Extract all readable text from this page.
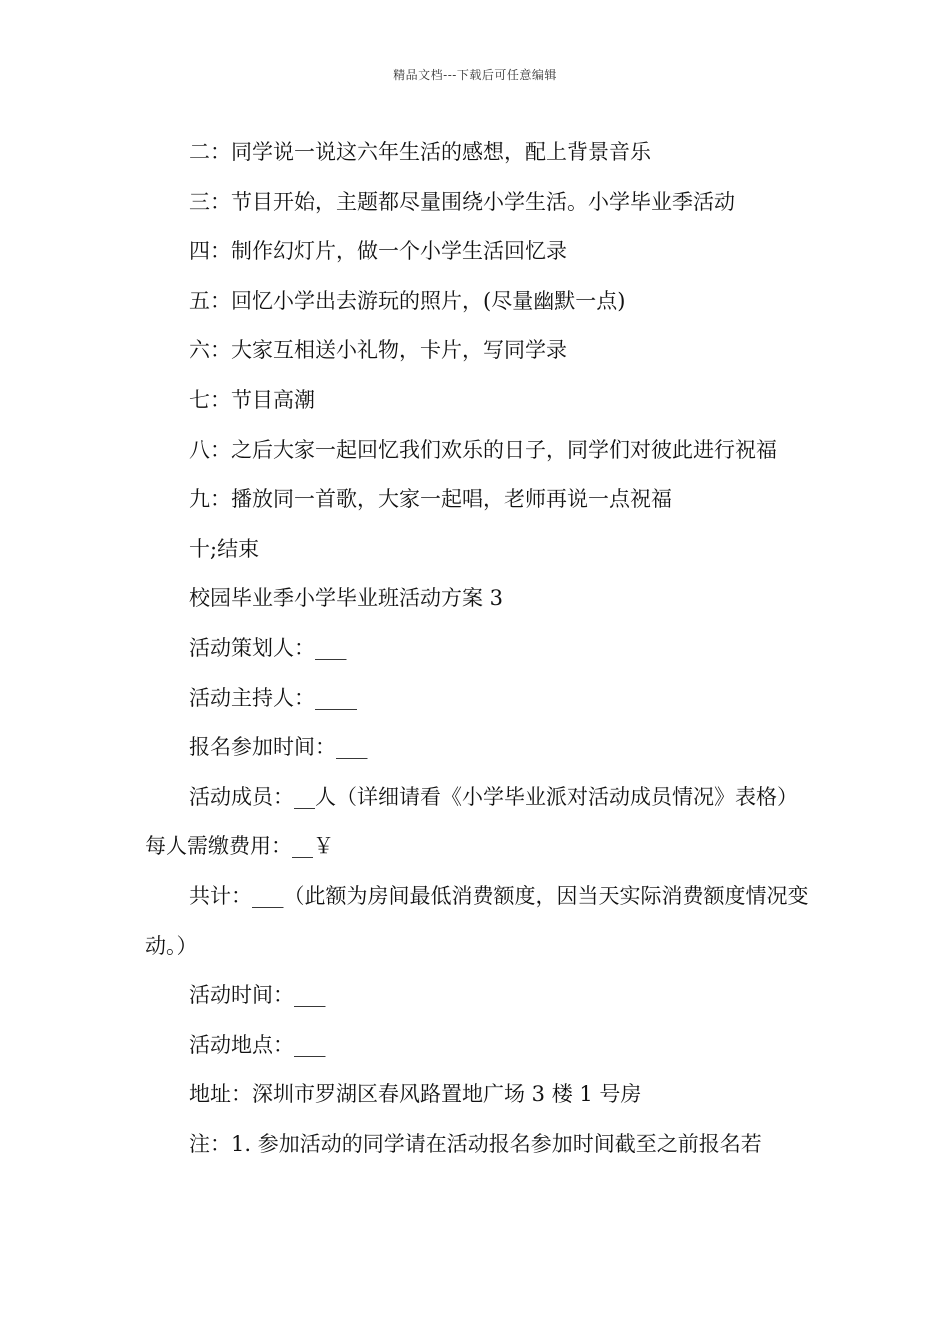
精品文档---下载后可任意编辑

二：同学说一说这六年生活的感想，配上背景音乐

三：节目开始，主题都尽量围绕小学生活。小学毕业季活动

四：制作幻灯片，做一个小学生活回忆录

五：回忆小学出去游玩的照片，(尽量幽默一点)

六：大家互相送小礼物，卡片，写同学录

七：节目高潮

八：之后大家一起回忆我们欢乐的日子，同学们对彼此进行祝福

九：播放同一首歌，大家一起唱，老师再说一点祝福

十;结束

校园毕业季小学毕业班活动方案 3

活动策划人：___

活动主持人：____

报名参加时间：___

活动成员：__人（详细请看《小学毕业派对活动成员情况》表格）每人需缴费用：__￥

共计：___（此额为房间最低消费额度，因当天实际消费额度情况变动。）

活动时间：___

活动地点：___

地址：深圳市罗湖区春风路置地广场 3 楼 1 号房

注：1. 参加活动的同学请在活动报名参加时间截至之前报名若
